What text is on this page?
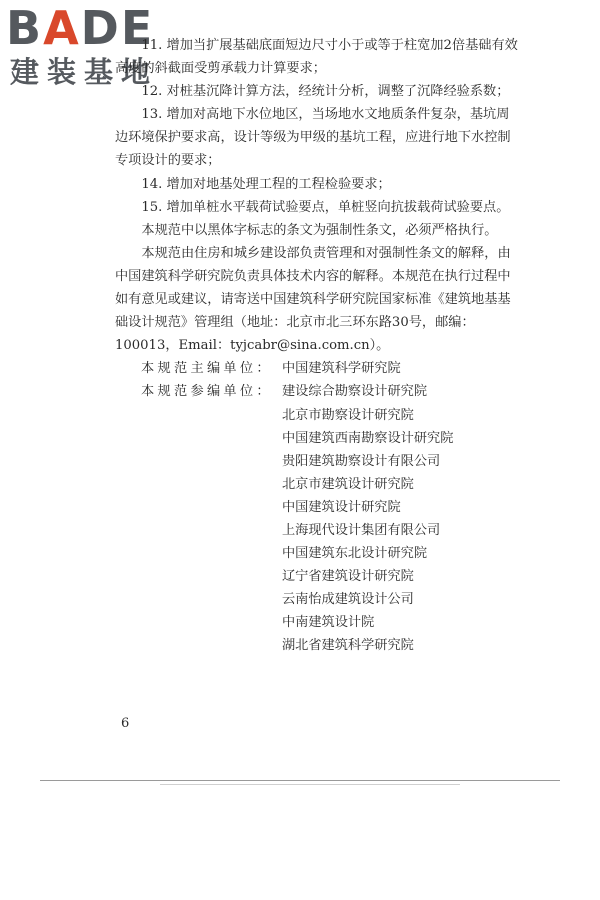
BADE
建装基地

11. 增加当扩展基础底面短边尺寸小于或等于柱宽加2倍基础有效高度的斜截面受剪承载力计算要求；

12. 对桩基沉降计算方法，经统计分析，调整了沉降经验系数；

13. 增加对高地下水位地区，当场地水文地质条件复杂，基坑周边环境保护要求高，设计等级为甲级的基坑工程，应进行地下水控制专项设计的要求；

14. 增加对地基处理工程的工程检验要求；

15. 增加单桩水平载荷试验要点，单桩竖向抗拔载荷试验要点。

本规范中以黑体字标志的条文为强制性条文，必须严格执行。

本规范由住房和城乡建设部负责管理和对强制性条文的解释，由中国建筑科学研究院负责具体技术内容的解释。本规范在执行过程中如有意见或建议，请寄送中国建筑科学研究院国家标准《建筑地基基础设计规范》管理组（地址：北京市北三环东路30号，邮编：100013，Email：tyjcabr@sina.com.cn）。

本规范主编单位： 中国建筑科学研究院
本规范参编单位： 建设综合勘察设计研究院
北京市勘察设计研究院
中国建筑西南勘察设计研究院
贵阳建筑勘察设计有限公司
北京市建筑设计研究院
中国建筑设计研究院
上海现代设计集团有限公司
中国建筑东北设计研究院
辽宁省建筑设计研究院
云南怡成建筑设计公司
中南建筑设计院
湖北省建筑科学研究院
6
